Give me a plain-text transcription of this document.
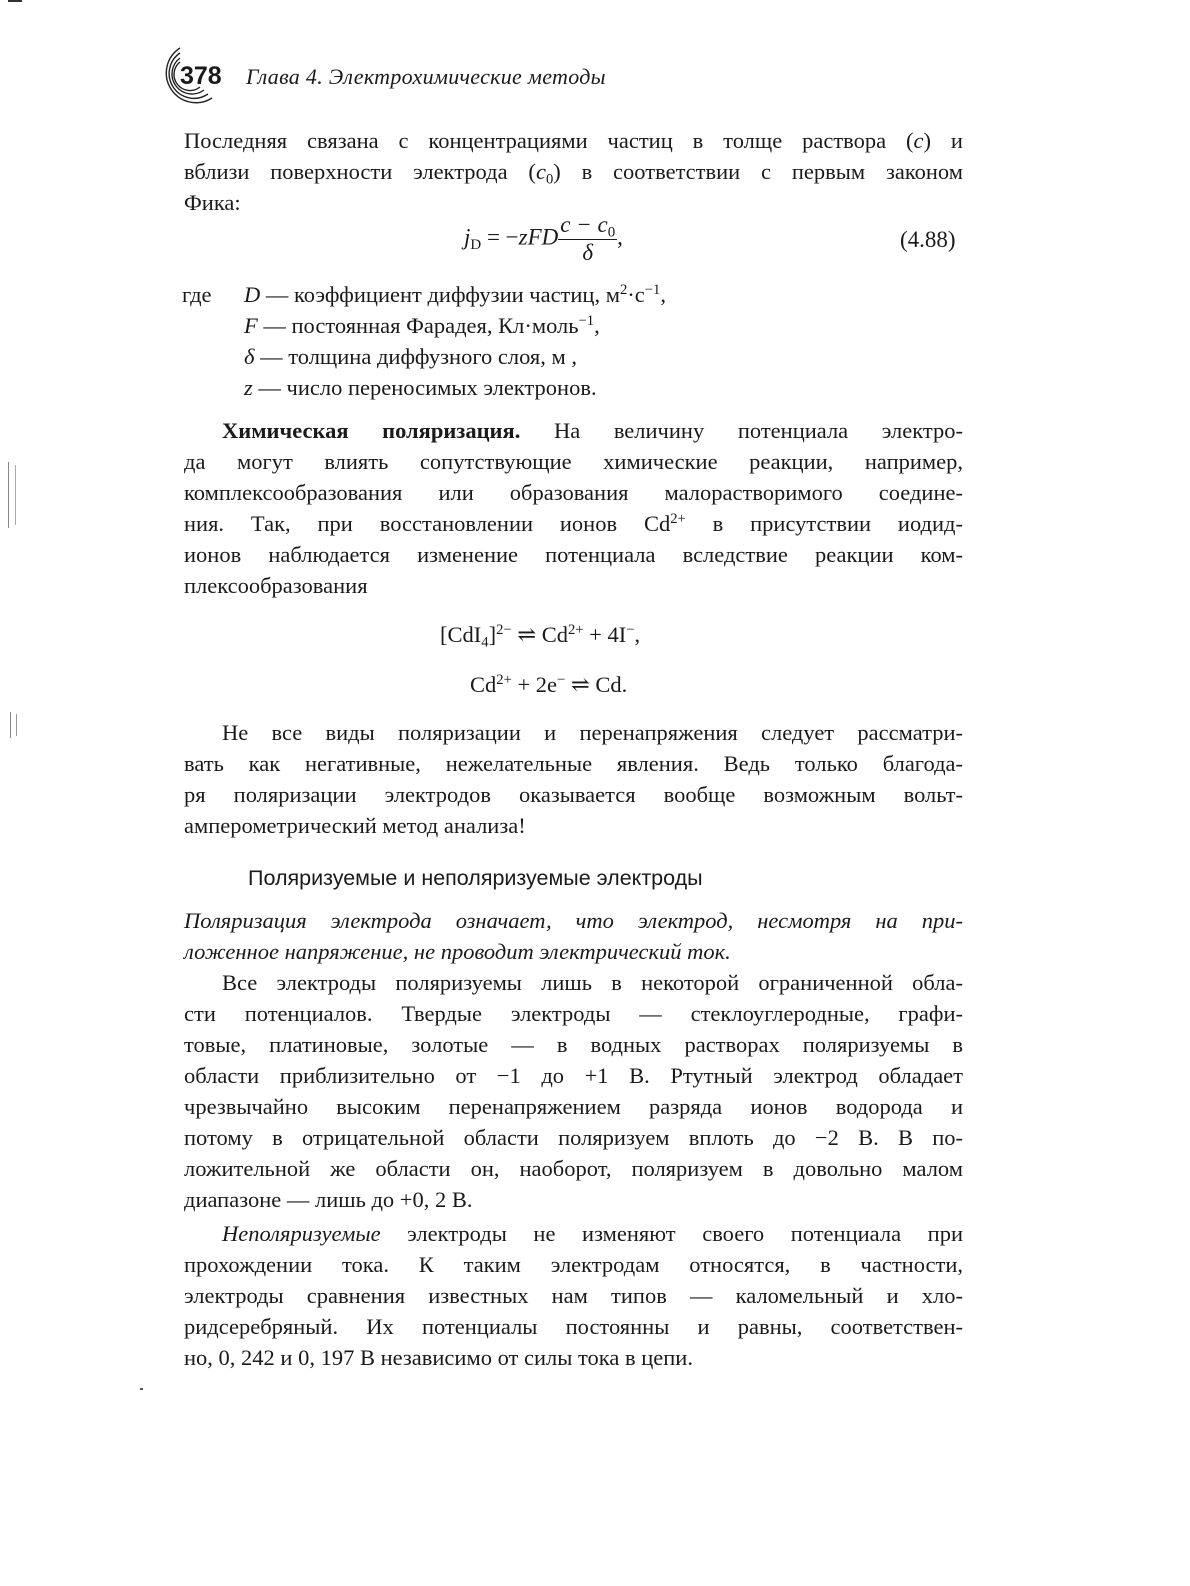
378 Глава 4. Электрохимические методы
Последняя связана с концентрациями частиц в толще раствора (c) и
вблизи поверхности электрода $(c_0)$ в соответствии с первым законом
Фика:
$j_D = -zFD \frac{c - c_0}{\delta}$ ,	(4.88)
где D — коэффициент диффузии частиц, $м^2\cdot с^{-1}$,
F — постоянная Фарадея, Кл·моль$^{-1}$,
δ — толщина диффузного слоя, м ,
z — число переносимых электронов.
Химическая поляризация. На величину потенциала электро-
да могут влиять сопутствующие химические реакции, например,
комплексообразования или образования малорастворимого соедине-
ния. Так, при восстановлении ионов $Cd^{2+}$ в присутствии иодид-
ионов наблюдается изменение потенциала вследствие реакции ком-
плексообразования
$[CdI_4]^{2-}$ ⇌ $Cd^{2+} + 4I^-$,
$Cd^{2+} + 2e^-$ ⇌ Cd.
Не все виды поляризации и перенапряжения следует рассматри-
вать как негативные, нежелательные явления. Ведь только благода-
ря поляризации электродов оказывается вообще возможным вольт-
амперометрический метод анализа!
Поляризуемые и неполяризуемые электроды
Поляризация электрода означает, что электрод, несмотря на при-
ложенное напряжение, не проводит электрический ток.
Все электроды поляризуемы лишь в некоторой ограниченной обла-
сти потенциалов. Твердые электроды — стеклоуглеродные, графи-
товые, платиновые, золотые — в водных растворах поляризуемы в
области приблизительно от −1 до +1 В. Ртутный электрод обладает
чрезвычайно высоким перенапряжением разряда ионов водорода и
потому в отрицательной области поляризуем вплоть до −2 В. В по-
ложительной же области он, наоборот, поляризуем в довольно малом
диапазоне — лишь до +0, 2 В.
Неполяризуемые электроды не изменяют своего потенциала при
прохождении тока. К таким электродам относятся, в частности,
электроды сравнения известных нам типов — каломельный и хло-
ридсеребряный. Их потенциалы постоянны и равны, соответствен-
но, 0, 242 и 0, 197 В независимо от силы тока в цепи.
